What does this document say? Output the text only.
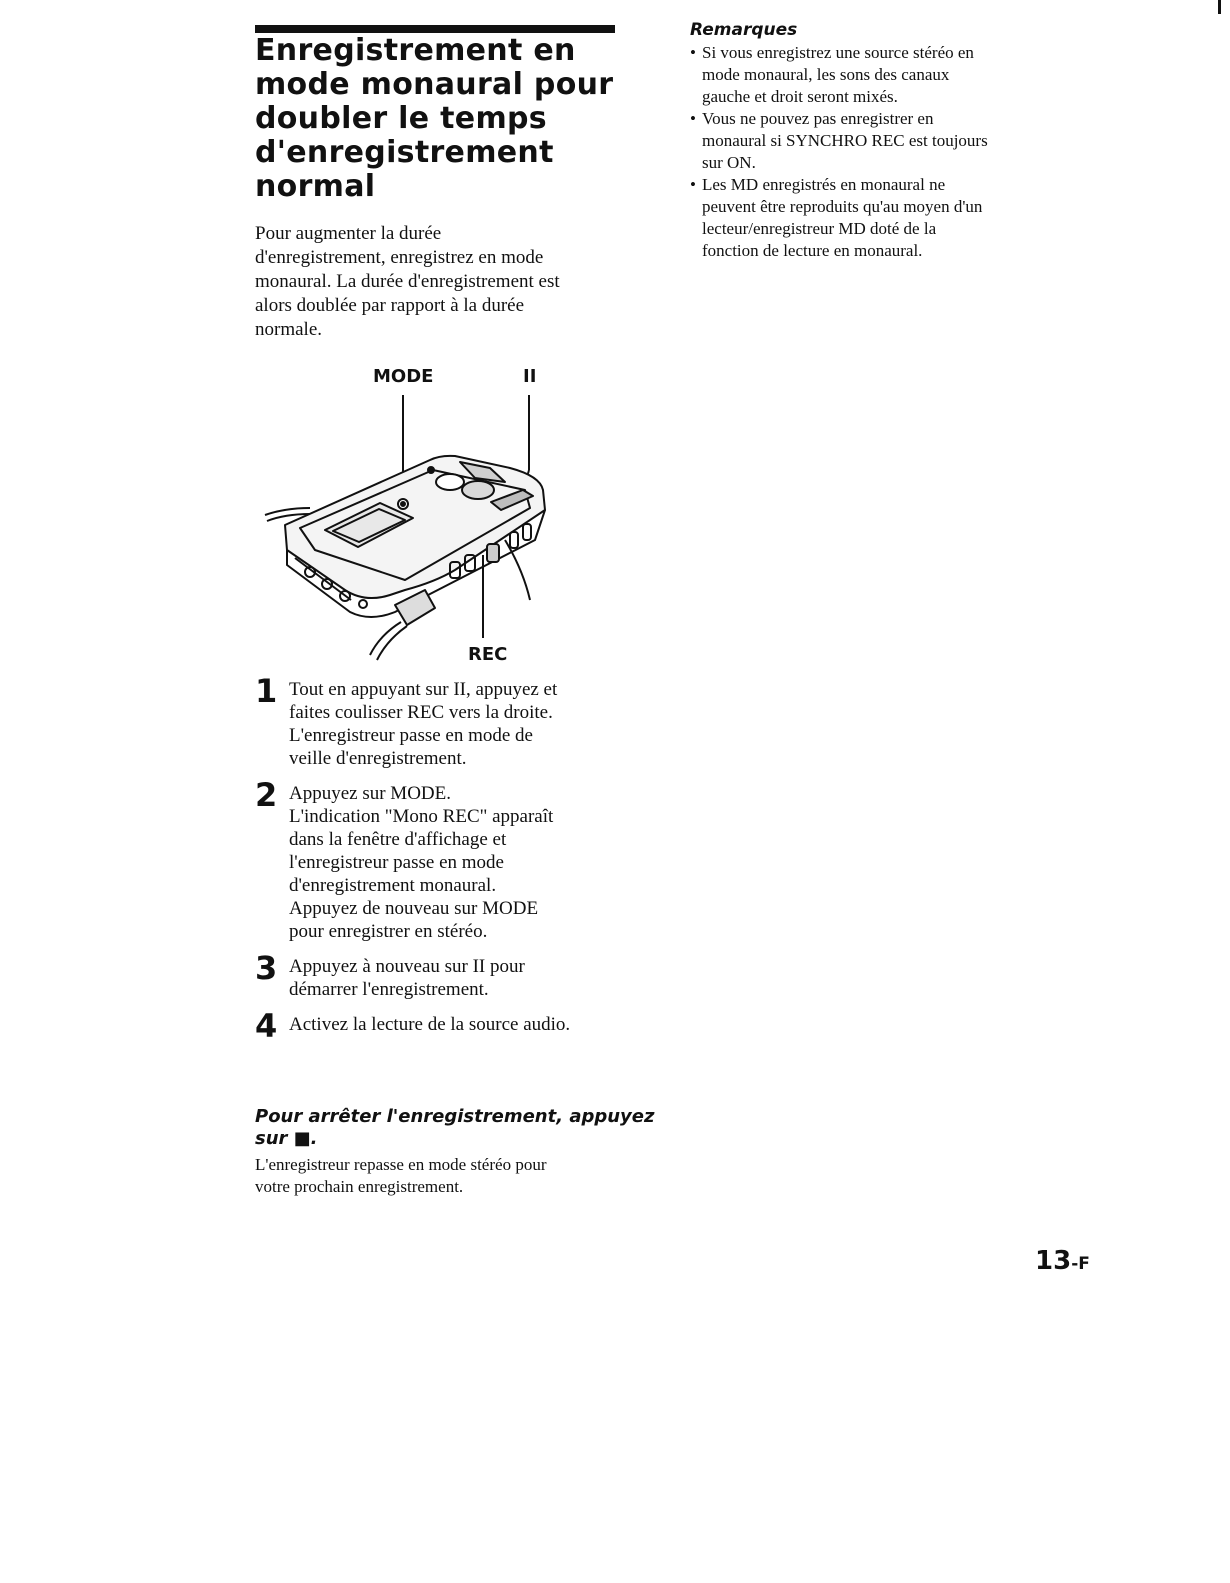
Enregistrement en
mode monaural pour
doubler le temps
d'enregistrement
normal

Pour augmenter la durée
d'enregistrement, enregistrez en mode
monaural. La durée d'enregistrement est
alors doublée par rapport à la durée
normale.

MODE	II
REC
1 Tout en appuyant sur II, appuyez et
faites coulisser REC vers la droite.
L'enregistreur passe en mode de
veille d'enregistrement.
2 Appuyez sur MODE.
L'indication "Mono REC" apparaît
dans la fenêtre d'affichage et
l'enregistreur passe en mode
d'enregistrement monaural.
Appuyez de nouveau sur MODE
pour enregistrer en stéréo.
3 Appuyez à nouveau sur II pour
démarrer l'enregistrement.
4 Activez la lecture de la source audio.
Pour arrêter l'enregistrement, appuyez
sur ■.

L'enregistreur repasse en mode stéréo pour
votre prochain enregistrement.

Remarques
• Si vous enregistrez une source stéréo en
mode monaural, les sons des canaux
gauche et droit seront mixés.
• Vous ne pouvez pas enregistrer en
monaural si SYNCHRO REC est toujours
sur ON.
• Les MD enregistrés en monaural ne
peuvent être reproduits qu'au moyen d'un
lecteur/enregistreur MD doté de la
fonction de lecture en monaural.
13-F
